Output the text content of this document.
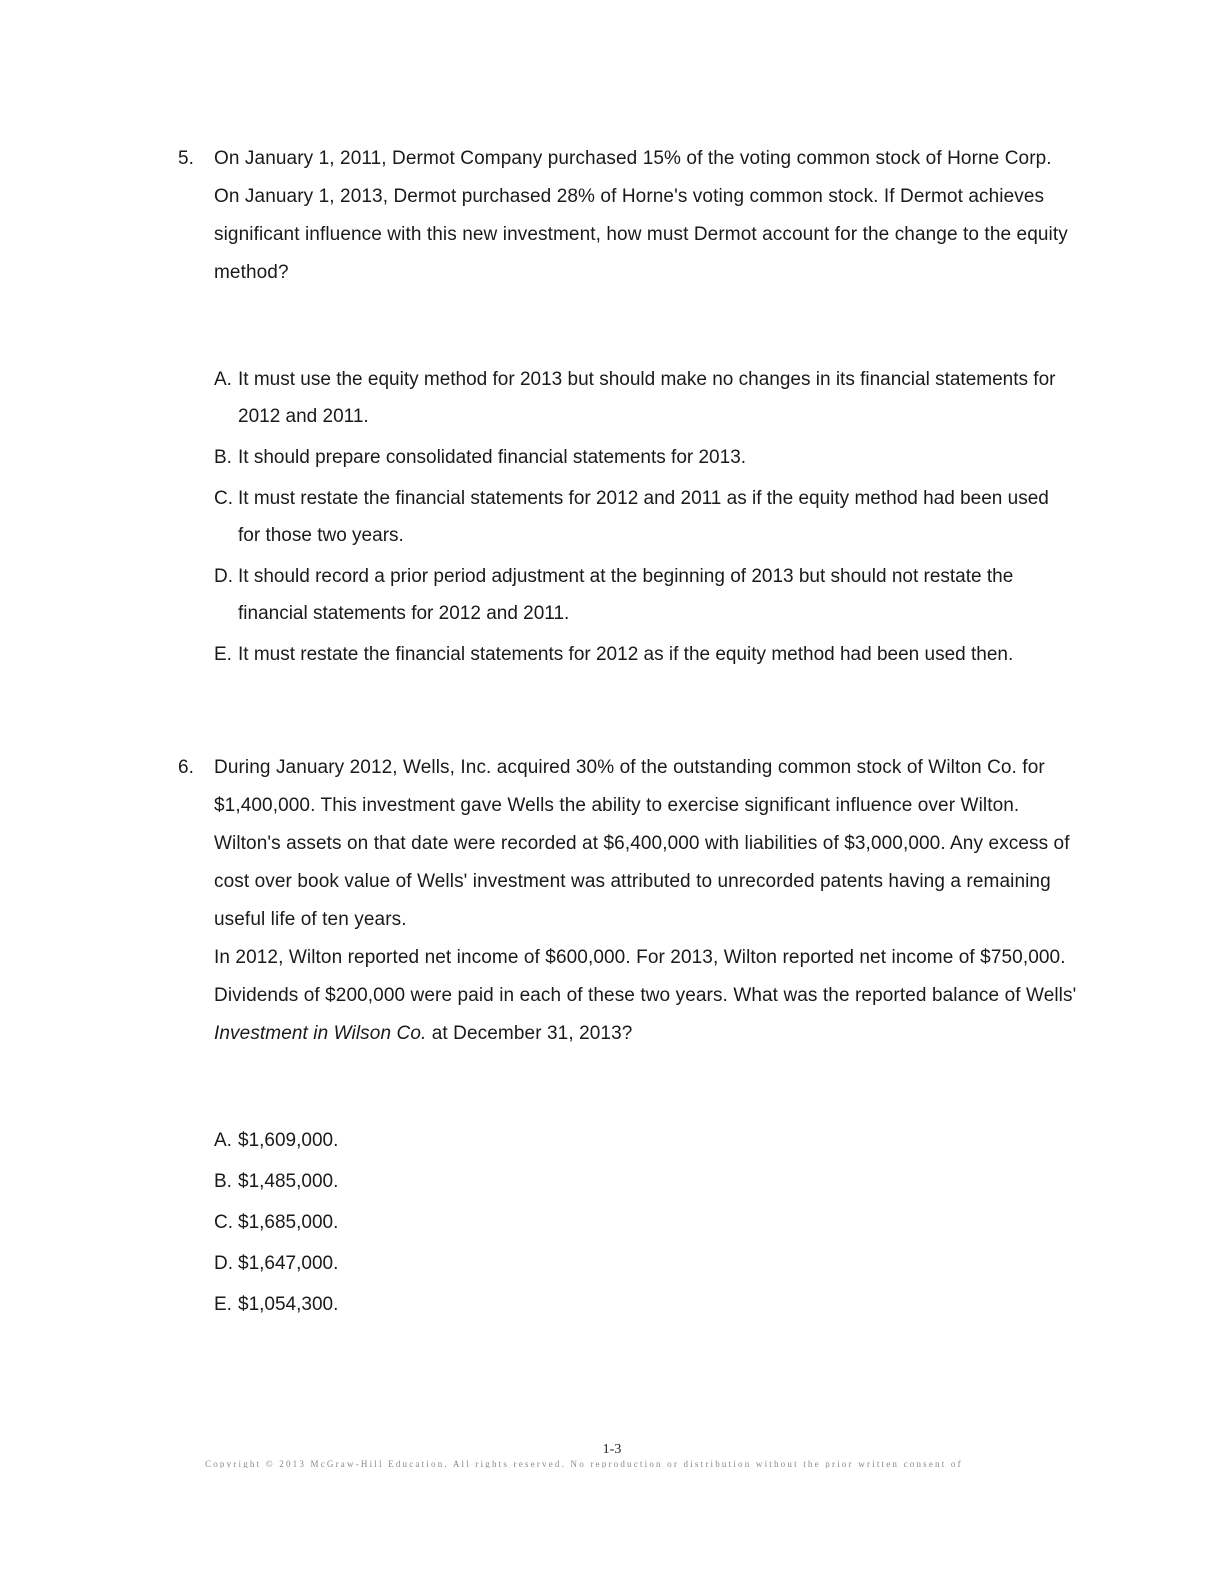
5. On January 1, 2011, Dermot Company purchased 15% of the voting common stock of Horne Corp. On January 1, 2013, Dermot purchased 28% of Horne's voting common stock. If Dermot achieves significant influence with this new investment, how must Dermot account for the change to the equity method?

A. It must use the equity method for 2013 but should make no changes in its financial statements for 2012 and 2011.
B. It should prepare consolidated financial statements for 2013.
C. It must restate the financial statements for 2012 and 2011 as if the equity method had been used for those two years.
D. It should record a prior period adjustment at the beginning of 2013 but should not restate the financial statements for 2012 and 2011.
E. It must restate the financial statements for 2012 as if the equity method had been used then.
6. During January 2012, Wells, Inc. acquired 30% of the outstanding common stock of Wilton Co. for $1,400,000. This investment gave Wells the ability to exercise significant influence over Wilton. Wilton's assets on that date were recorded at $6,400,000 with liabilities of $3,000,000. Any excess of cost over book value of Wells' investment was attributed to unrecorded patents having a remaining useful life of ten years.

In 2012, Wilton reported net income of $600,000. For 2013, Wilton reported net income of $750,000. Dividends of $200,000 were paid in each of these two years. What was the reported balance of Wells' Investment in Wilson Co. at December 31, 2013?

A. $1,609,000.
B. $1,485,000.
C. $1,685,000.
D. $1,647,000.
E. $1,054,300.
1-3
Copyright © 2013 McGraw-Hill Education. All rights reserved. No reproduction or distribution without the prior written consent of
